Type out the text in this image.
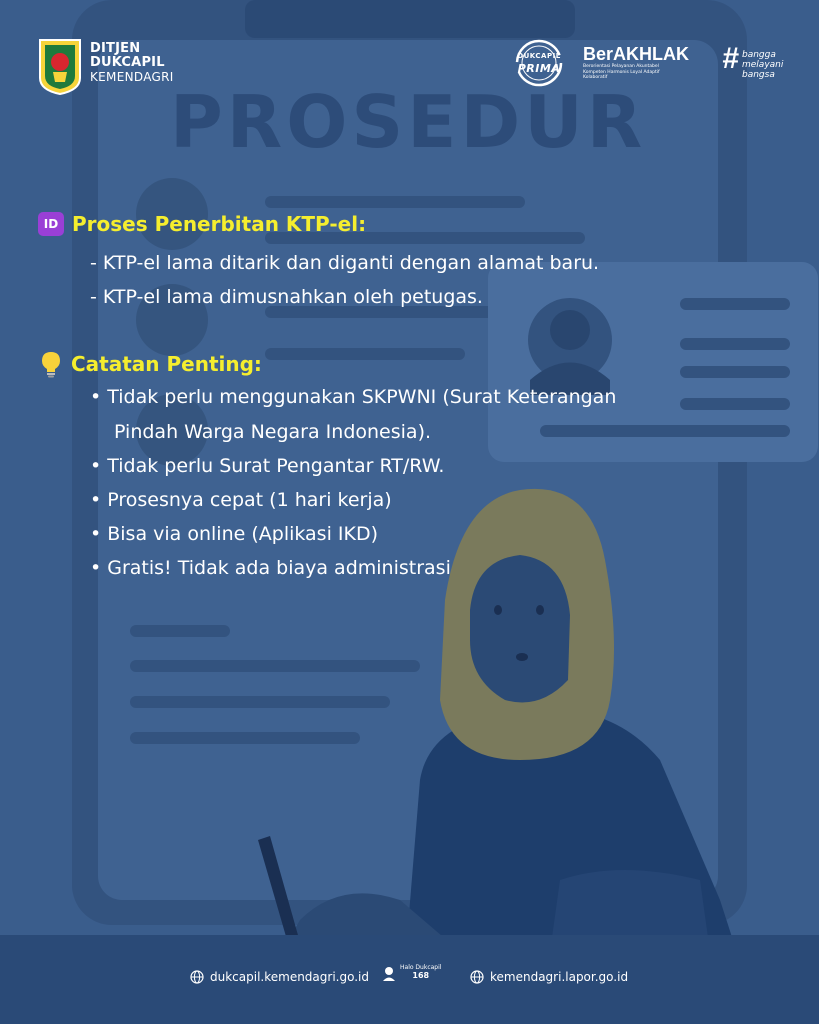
DITJEN
DUKCAPIL
KEMENDAGRI
DUKCAPIL
PRIMA
BerAKHLAK
Berorientasi Pelayanan Akuntabel Kompeten Harmonis Loyal Adaptif Kolaboratif
# bangga melayani bangsa
PROSEDUR
ID Proses Penerbitan KTP-el:
- KTP-el lama ditarik dan diganti dengan alamat baru.
- KTP-el lama dimusnahkan oleh petugas.
Catatan Penting:
• Tidak perlu menggunakan SKPWNI (Surat Keterangan
Pindah Warga Negara Indonesia).
• Tidak perlu Surat Pengantar RT/RW.
• Prosesnya cepat (1 hari kerja)
• Bisa via online (Aplikasi IKD)
• Gratis! Tidak ada biaya administrasi
dukcapil.kemendagri.go.id
Halo Dukcapil
168	kemendagri.lapor.go.id
